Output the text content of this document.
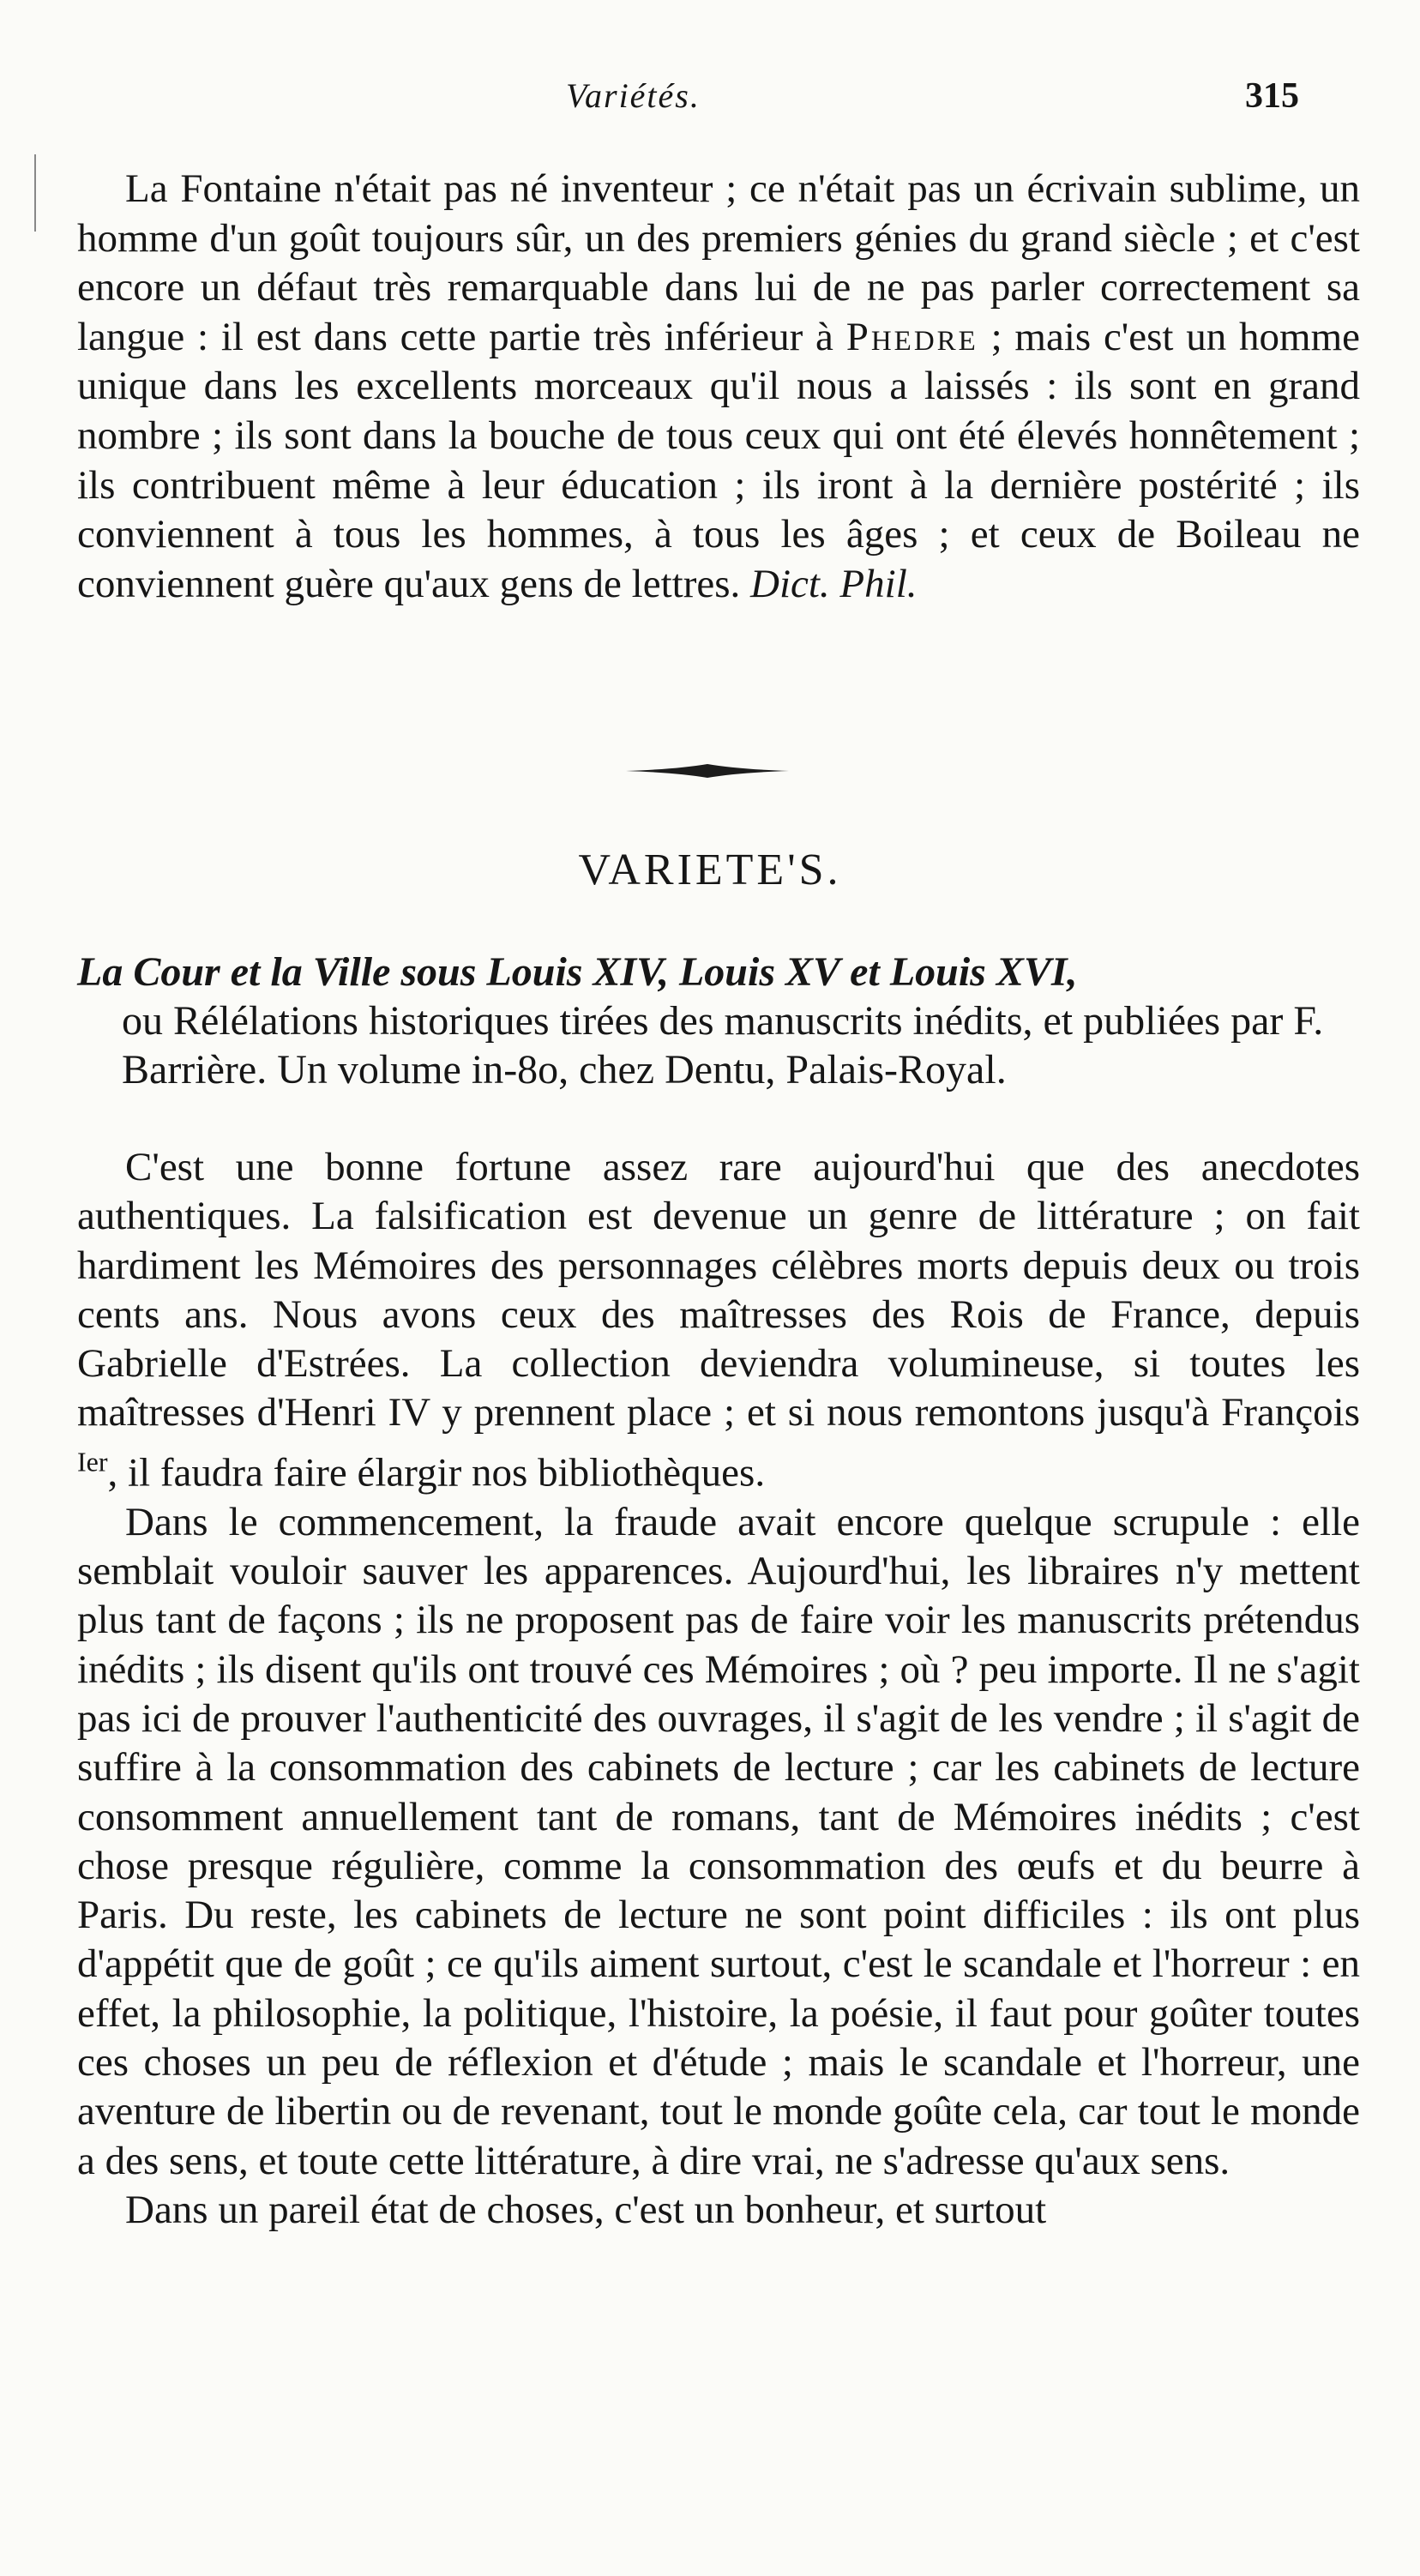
Variétés.	315

La Fontaine n'était pas né inventeur ; ce n'était pas un écrivain sublime, un homme d'un goût toujours sûr, un des premiers génies du grand siècle ; et c'est encore un défaut très remarquable dans lui de ne pas parler correctement sa langue : il est dans cette partie très inférieur à Phedre ; mais c'est un homme unique dans les excellents morceaux qu'il nous a laissés : ils sont en grand nombre ; ils sont dans la bouche de tous ceux qui ont été élevés honnêtement ; ils contribuent même à leur éducation ; ils iront à la dernière postérité ; ils conviennent à tous les hommes, à tous les âges ; et ceux de Boileau ne conviennent guère qu'aux gens de lettres. Dict. Phil.

VARIETE'S.

La Cour et la Ville sous Louis XIV, Louis XV et Louis XVI,

ou Rélélations historiques tirées des manuscrits inédits, et publiées par F. Barrière. Un volume in-8o, chez Dentu, Palais-Royal.

C'est une bonne fortune assez rare aujourd'hui que des anecdotes authentiques. La falsification est devenue un genre de littérature ; on fait hardiment les Mémoires des personnages célèbres morts depuis deux ou trois cents ans. Nous avons ceux des maîtresses des Rois de France, depuis Gabrielle d'Estrées. La collection deviendra volumineuse, si toutes les maîtresses d'Henri IV y prennent place ; et si nous remontons jusqu'à François $^{Ier}$, il faudra faire élargir nos bibliothèques.

Dans le commencement, la fraude avait encore quelque scrupule : elle semblait vouloir sauver les apparences. Aujourd'hui, les libraires n'y mettent plus tant de façons ; ils ne proposent pas de faire voir les manuscrits prétendus inédits ; ils disent qu'ils ont trouvé ces Mémoires ; où ? peu importe. Il ne s'agit pas ici de prouver l'authenticité des ouvrages, il s'agit de les vendre ; il s'agit de suffire à la consommation des cabinets de lecture ; car les cabinets de lecture consomment annuellement tant de romans, tant de Mémoires inédits ; c'est chose presque régulière, comme la consommation des œufs et du beurre à Paris. Du reste, les cabinets de lecture ne sont point difficiles : ils ont plus d'appétit que de goût ; ce qu'ils aiment surtout, c'est le scandale et l'horreur : en effet, la philosophie, la politique, l'histoire, la poésie, il faut pour goûter toutes ces choses un peu de réflexion et d'étude ; mais le scandale et l'horreur, une aventure de libertin ou de revenant, tout le monde goûte cela, car tout le monde a des sens, et toute cette littérature, à dire vrai, ne s'adresse qu'aux sens.

Dans un pareil état de choses, c'est un bonheur, et surtout
